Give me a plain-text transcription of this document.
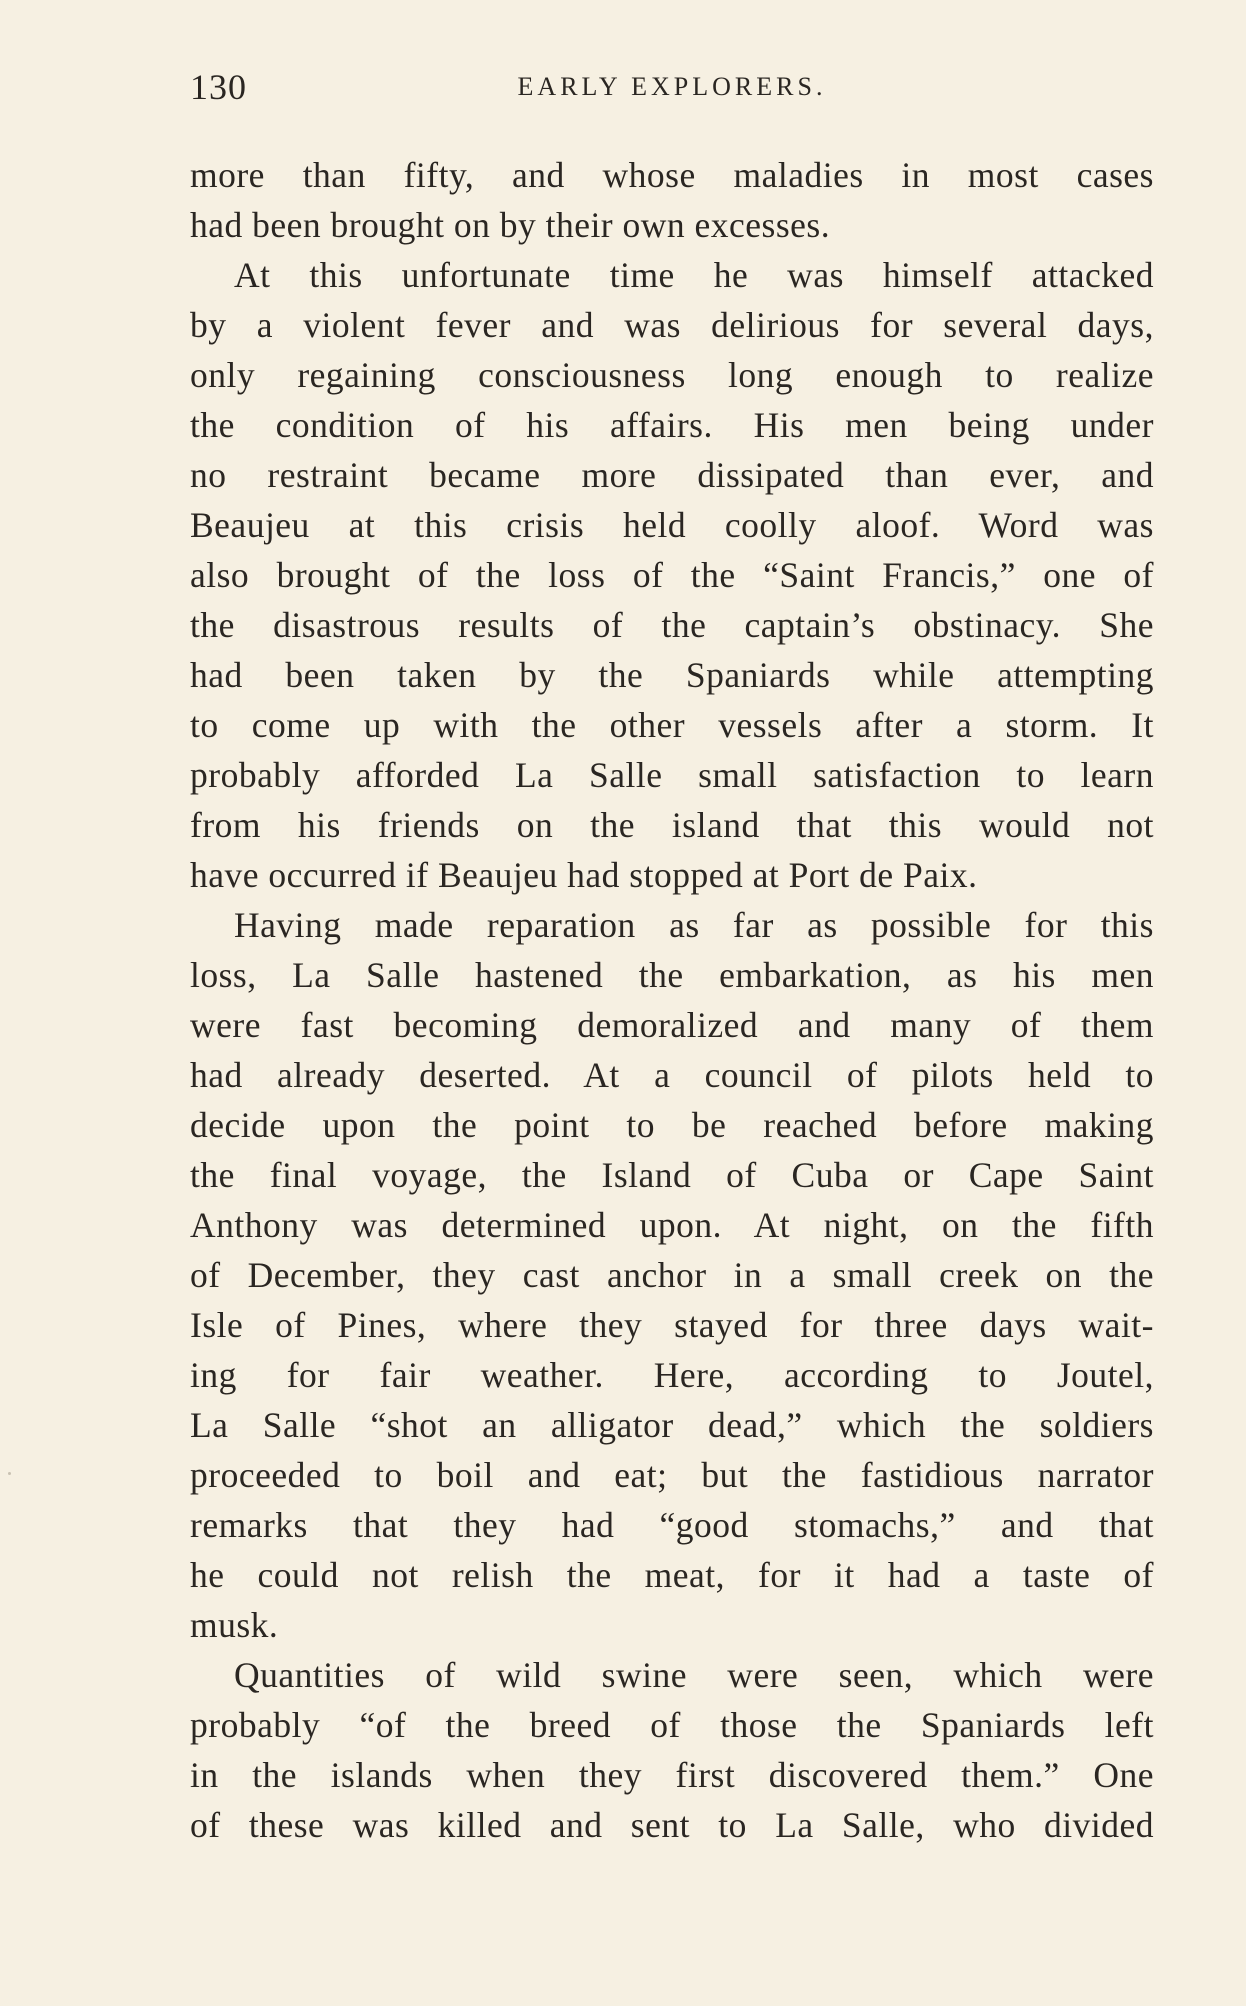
130	EARLY EXPLORERS.
more than fifty, and whose maladies in most cases
had been brought on by their own excesses.
At this unfortunate time he was himself attacked
by a violent fever and was delirious for several days,
only regaining consciousness long enough to realize
the condition of his affairs. His men being under
no restraint became more dissipated than ever, and
Beaujeu at this crisis held coolly aloof. Word was
also brought of the loss of the “Saint Francis,” one of
the disastrous results of the captain’s obstinacy. She
had been taken by the Spaniards while attempting
to come up with the other vessels after a storm. It
probably afforded La Salle small satisfaction to learn
from his friends on the island that this would not
have occurred if Beaujeu had stopped at Port de Paix.
Having made reparation as far as possible for this
loss, La Salle hastened the embarkation, as his men
were fast becoming demoralized and many of them
had already deserted. At a council of pilots held to
decide upon the point to be reached before making
the final voyage, the Island of Cuba or Cape Saint
Anthony was determined upon. At night, on the fifth
of December, they cast anchor in a small creek on the
Isle of Pines, where they stayed for three days wait-
ing for fair weather. Here, according to Joutel,
La Salle “shot an alligator dead,” which the soldiers
proceeded to boil and eat; but the fastidious narrator
remarks that they had “good stomachs,” and that
he could not relish the meat, for it had a taste of
musk.
Quantities of wild swine were seen, which were
probably “of the breed of those the Spaniards left
in the islands when they first discovered them.” One
of these was killed and sent to La Salle, who divided
